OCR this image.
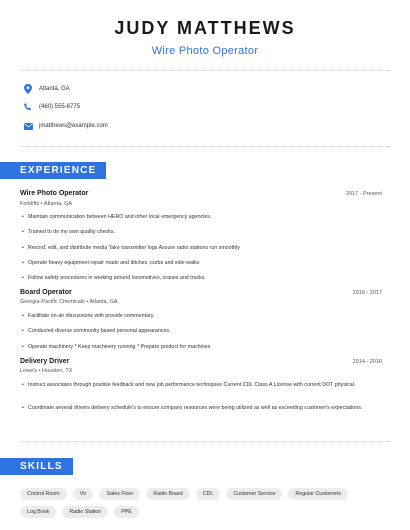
JUDY MATTHEWS
Wire Photo Operator
Atlanta, GA
(460) 555-8775
jmatthews@example.com
EXPERIENCE
Wire Photo Operator	2017 - Present
Forklifts • Atlanta, GA
• Maintain communication between HERO and other local emergency agencies.
• Trained to do my own quality checks.
• Record, edit, and distribute media Take transmitter logs Assure radio stations run smoothly
• Operate heavy equipment repair roads and ditches ,curbs and side walks
• Follow safety procedures in working around locomotives, cranes and trucks.
Board Operator	2016 - 2017
Georgia-Pacific Chemicals • Atlanta, GA
• Facilitate on-air discussions with provide commentary.
• Conducted diverse community based personal appearances.
• Operate machinery * Keep machinery running * Prepare product for machines
Delivery Driver	2014 - 2016
Lowe's • Houston, TX
• Instruct associates through positive feedback and new job performance techniques Current CDL Class A License with current DOT physical.
• Coordinate several drivers delivery schedule's to ensure company resources were being utilized as well as exceeding customer's expectations.
SKILLS
Control Room	Vtr	Sales Floor	Radio Board	CDL	Customer Service	Regular Customers
Log Book	Radio Station	PPE
